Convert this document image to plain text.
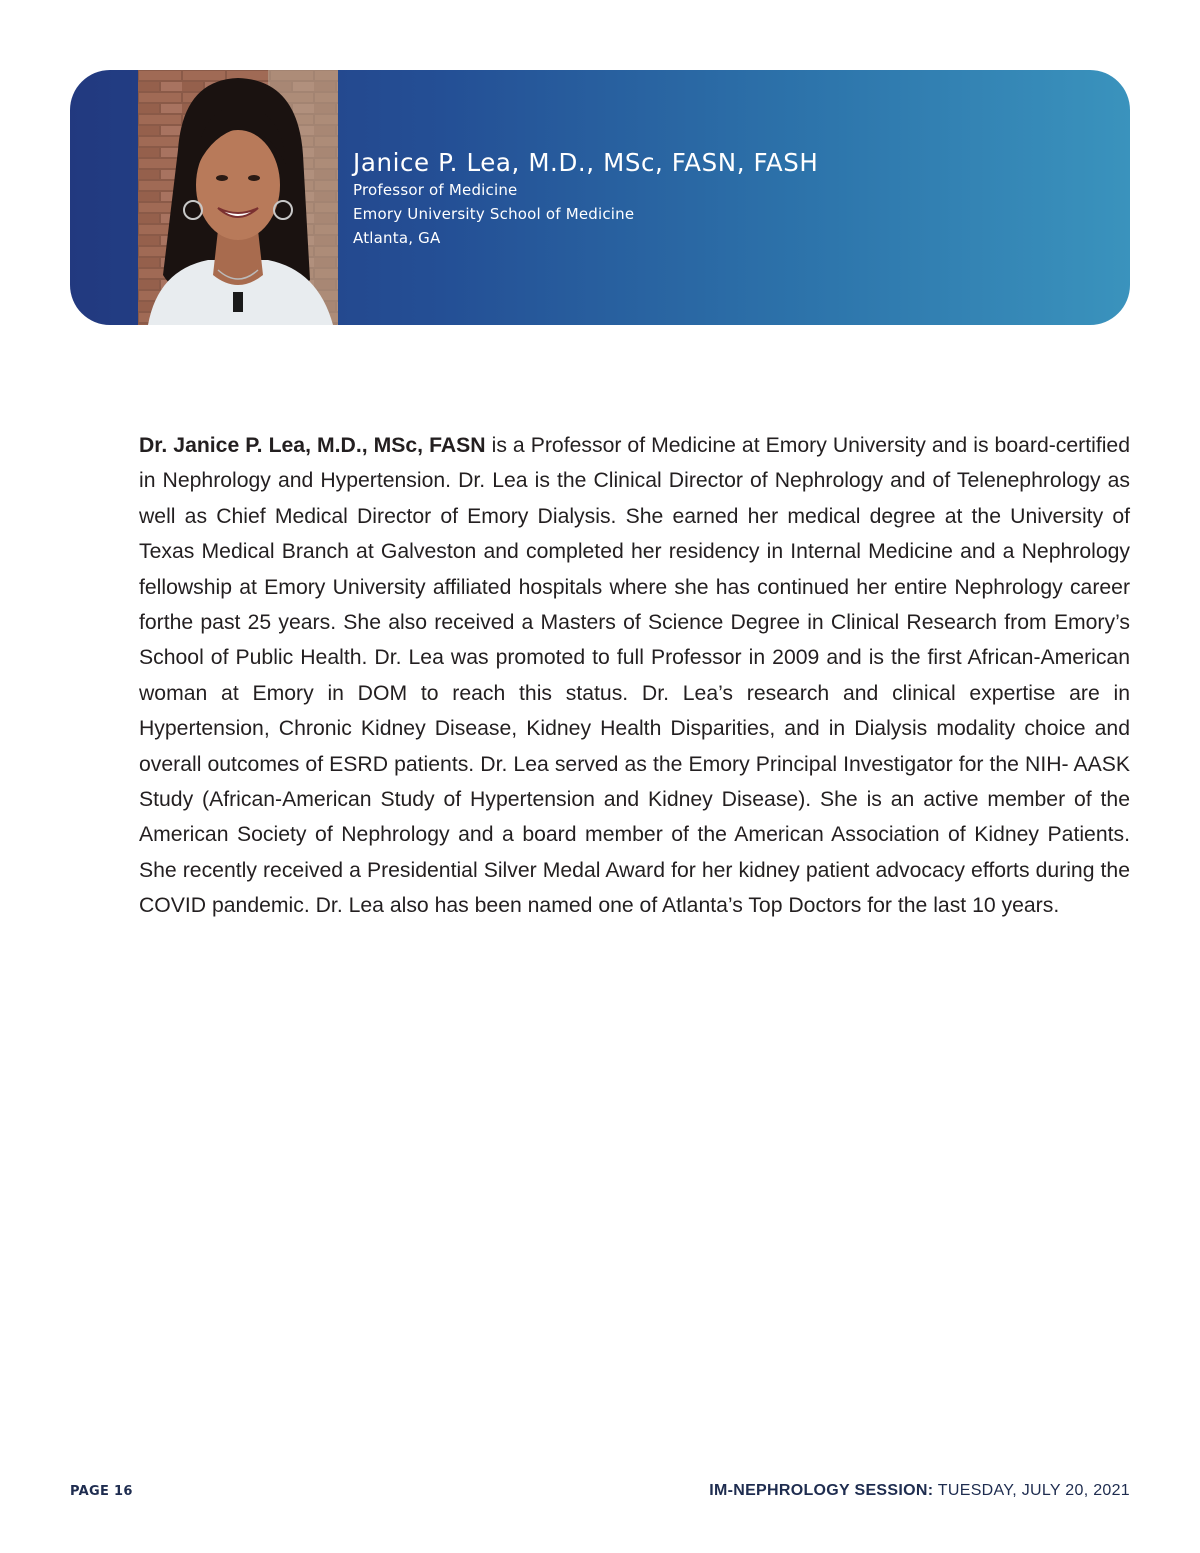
Janice P. Lea, M.D., MSc, FASN, FASH

Professor of Medicine

Emory University School of Medicine

Atlanta, GA

Dr. Janice P. Lea, M.D., MSc, FASN is a Professor of Medicine at Emory University and is board-certified in Nephrology and Hypertension. Dr. Lea is the Clinical Director of Nephrology and of Telenephrology as well as Chief Medical Director of Emory Dialysis. She earned her medical degree at the University of Texas Medical Branch at Galveston and completed her residency in Internal Medicine and a Nephrology fellowship at Emory University affiliated hospitals where she has continued her entire Nephrology career forthe past 25 years. She also received a Masters of Science Degree in Clinical Research from Emory’s School of Public Health. Dr. Lea was promoted to full Professor in 2009 and is the first African-American woman at Emory in DOM to reach this status. Dr. Lea’s research and clinical expertise are in Hypertension, Chronic Kidney Disease, Kidney Health Disparities, and in Dialysis modality choice and overall outcomes of ESRD patients. Dr. Lea served as the Emory Principal Investigator for the NIH- AASK Study (African-American Study of Hypertension and Kidney Disease). She is an active member of the American Society of Nephrology and a board member of the American Association of Kidney Patients. She recently received a Presidential Silver Medal Award for her kidney patient advocacy efforts during the COVID pandemic. Dr. Lea also has been named one of Atlanta’s Top Doctors for the last 10 years.

PAGE 16	IM-NEPHROLOGY SESSION: TUESDAY, JULY 20, 2021
